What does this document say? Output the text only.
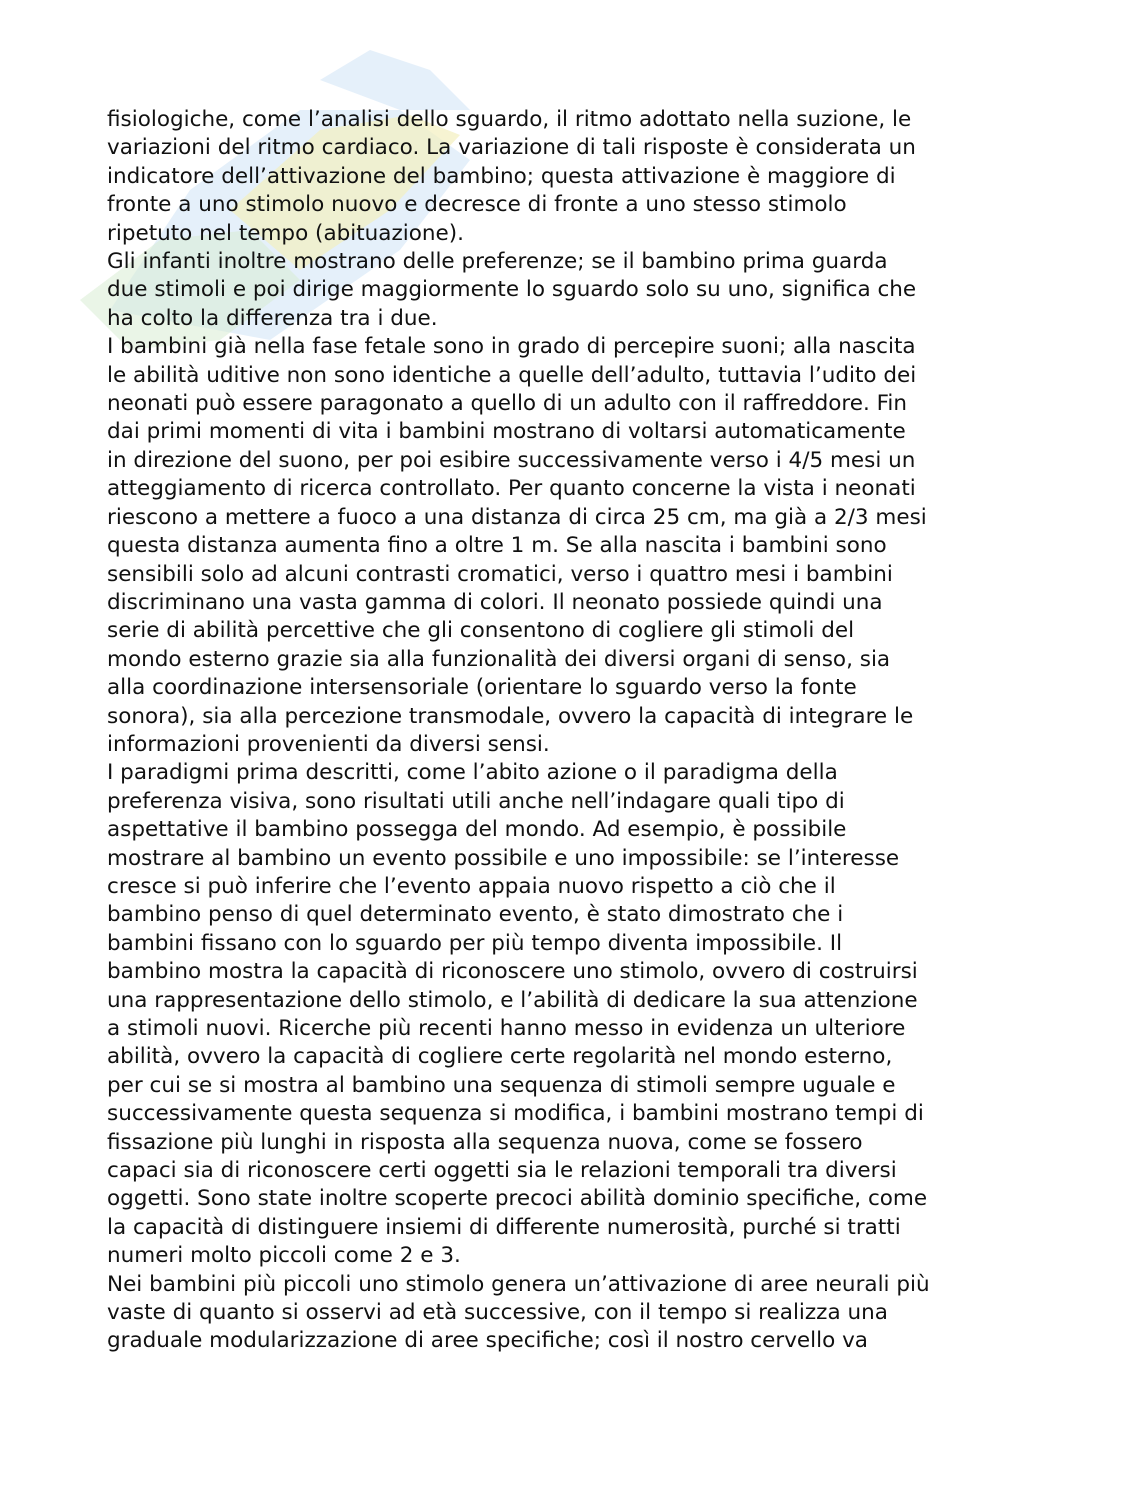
fisiologiche, come l’analisi dello sguardo, il ritmo adottato nella suzione, le
variazioni del ritmo cardiaco. La variazione di tali risposte è considerata un
indicatore dell’attivazione del bambino; questa attivazione è maggiore di
fronte a uno stimolo nuovo e decresce di fronte a uno stesso stimolo
ripetuto nel tempo (abituazione).

Gli infanti inoltre mostrano delle preferenze; se il bambino prima guarda
due stimoli e poi dirige maggiormente lo sguardo solo su uno, significa che
ha colto la differenza tra i due.

I bambini già nella fase fetale sono in grado di percepire suoni; alla nascita
le abilità uditive non sono identiche a quelle dell’adulto, tuttavia l’udito dei
neonati può essere paragonato a quello di un adulto con il raffreddore. Fin
dai primi momenti di vita i bambini mostrano di voltarsi automaticamente
in direzione del suono, per poi esibire successivamente verso i 4/5 mesi un
atteggiamento di ricerca controllato. Per quanto concerne la vista i neonati
riescono a mettere a fuoco a una distanza di circa 25 cm, ma già a 2/3 mesi
questa distanza aumenta fino a oltre 1 m. Se alla nascita i bambini sono
sensibili solo ad alcuni contrasti cromatici, verso i quattro mesi i bambini
discriminano una vasta gamma di colori. Il neonato possiede quindi una
serie di abilità percettive che gli consentono di cogliere gli stimoli del
mondo esterno grazie sia alla funzionalità dei diversi organi di senso, sia
alla coordinazione intersensoriale (orientare lo sguardo verso la fonte
sonora), sia alla percezione transmodale, ovvero la capacità di integrare le
informazioni provenienti da diversi sensi.

I paradigmi prima descritti, come l’abito azione o il paradigma della
preferenza visiva, sono risultati utili anche nell’indagare quali tipo di
aspettative il bambino possegga del mondo. Ad esempio, è possibile
mostrare al bambino un evento possibile e uno impossibile: se l’interesse
cresce si può inferire che l’evento appaia nuovo rispetto a ciò che il
bambino penso di quel determinato evento, è stato dimostrato che i
bambini fissano con lo sguardo per più tempo diventa impossibile. Il
bambino mostra la capacità di riconoscere uno stimolo, ovvero di costruirsi
una rappresentazione dello stimolo, e l’abilità di dedicare la sua attenzione
a stimoli nuovi. Ricerche più recenti hanno messo in evidenza un ulteriore
abilità, ovvero la capacità di cogliere certe regolarità nel mondo esterno,
per cui se si mostra al bambino una sequenza di stimoli sempre uguale e
successivamente questa sequenza si modifica, i bambini mostrano tempi di
fissazione più lunghi in risposta alla sequenza nuova, come se fossero
capaci sia di riconoscere certi oggetti sia le relazioni temporali tra diversi
oggetti. Sono state inoltre scoperte precoci abilità dominio specifiche, come
la capacità di distinguere insiemi di differente numerosità, purché si tratti
numeri molto piccoli come 2 e 3.

Nei bambini più piccoli uno stimolo genera un’attivazione di aree neurali più
vaste di quanto si osservi ad età successive, con il tempo si realizza una
graduale modularizzazione di aree specifiche; così il nostro cervello va
